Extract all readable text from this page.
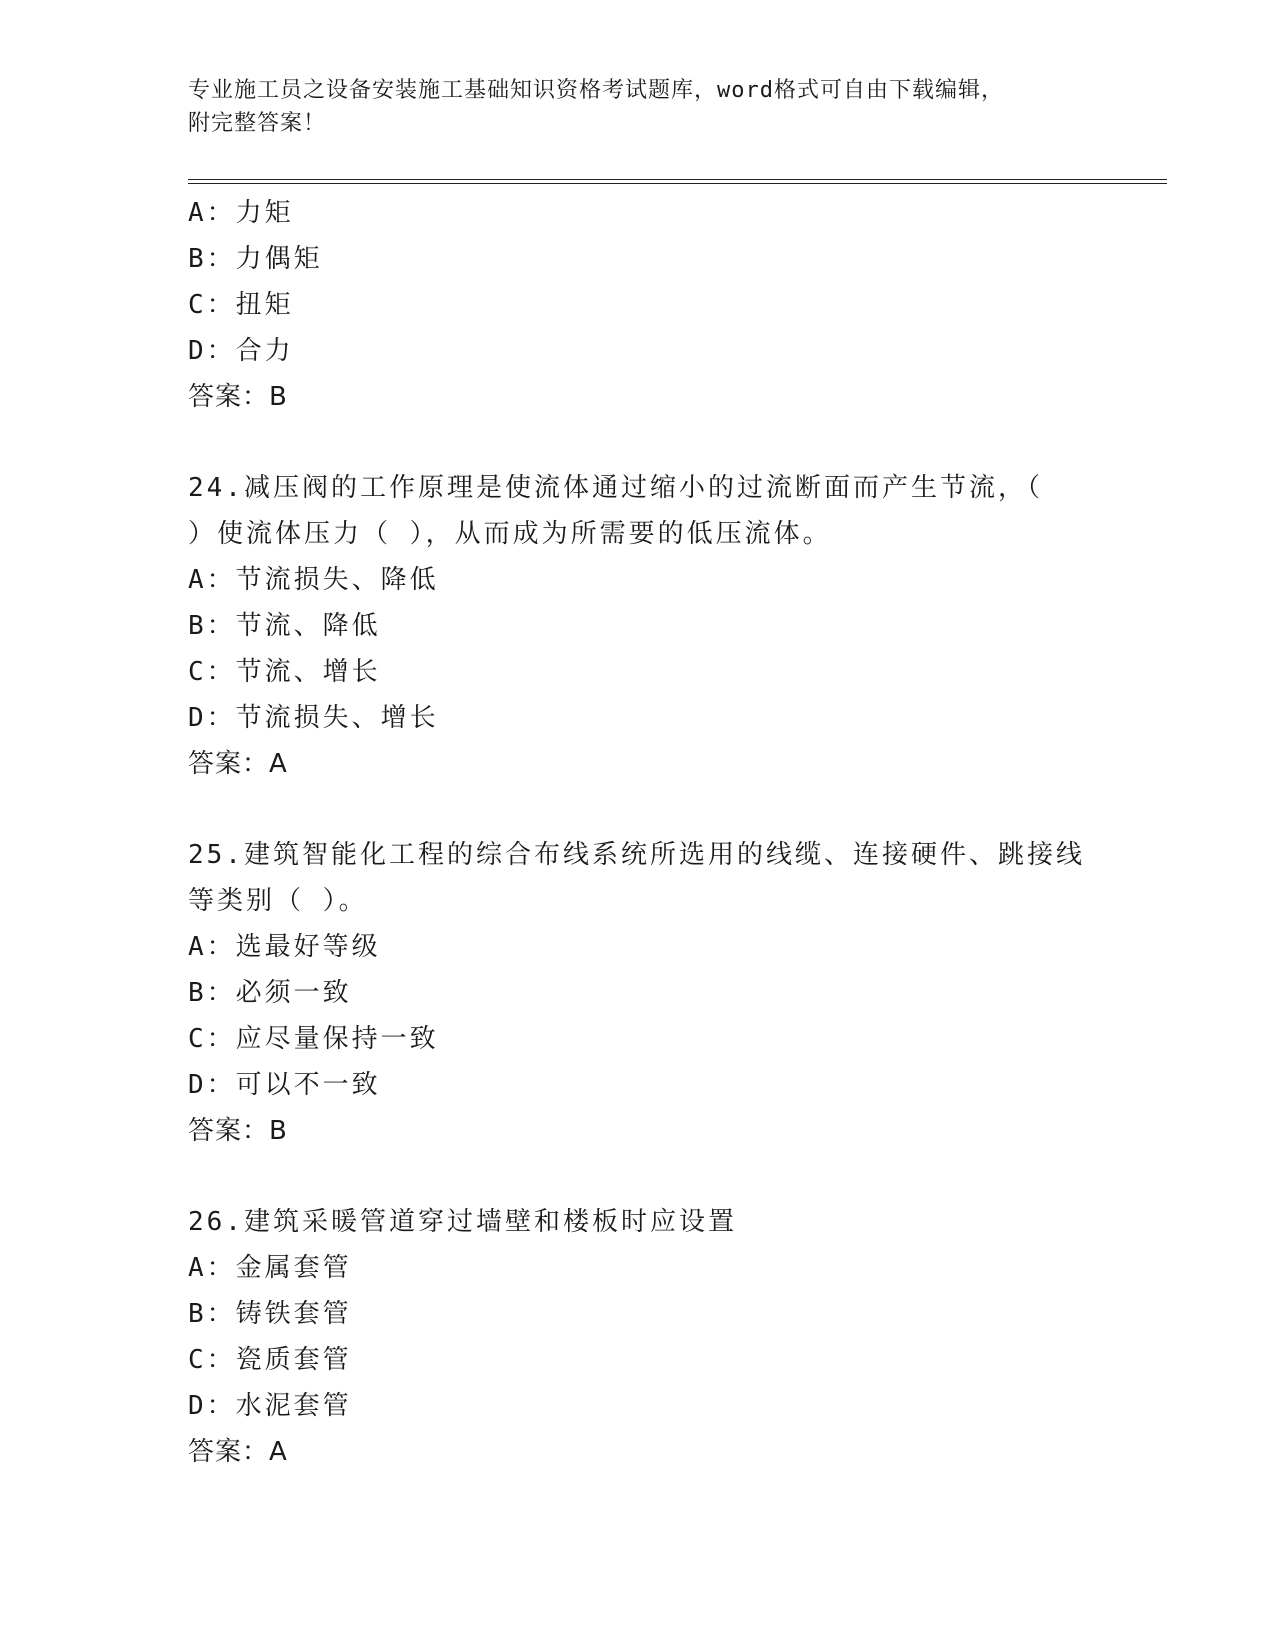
专业施工员之设备安装施工基础知识资格考试题库，word格式可自由下载编辑，
附完整答案！
A：力矩
B：力偶矩
C：扭矩
D：合力
答案：B
24.减压阀的工作原理是使流体通过缩小的过流断面而产生节流，（
）使流体压力（ ），从而成为所需要的低压流体。
A：节流损失、降低
B：节流、降低
C：节流、增长
D：节流损失、增长
答案：A
25.建筑智能化工程的综合布线系统所选用的线缆、连接硬件、跳接线
等类别（ ）。
A：选最好等级
B：必须一致
C：应尽量保持一致
D：可以不一致
答案：B
26.建筑采暖管道穿过墙壁和楼板时应设置
A：金属套管
B：铸铁套管
C：瓷质套管
D：水泥套管
答案：A
